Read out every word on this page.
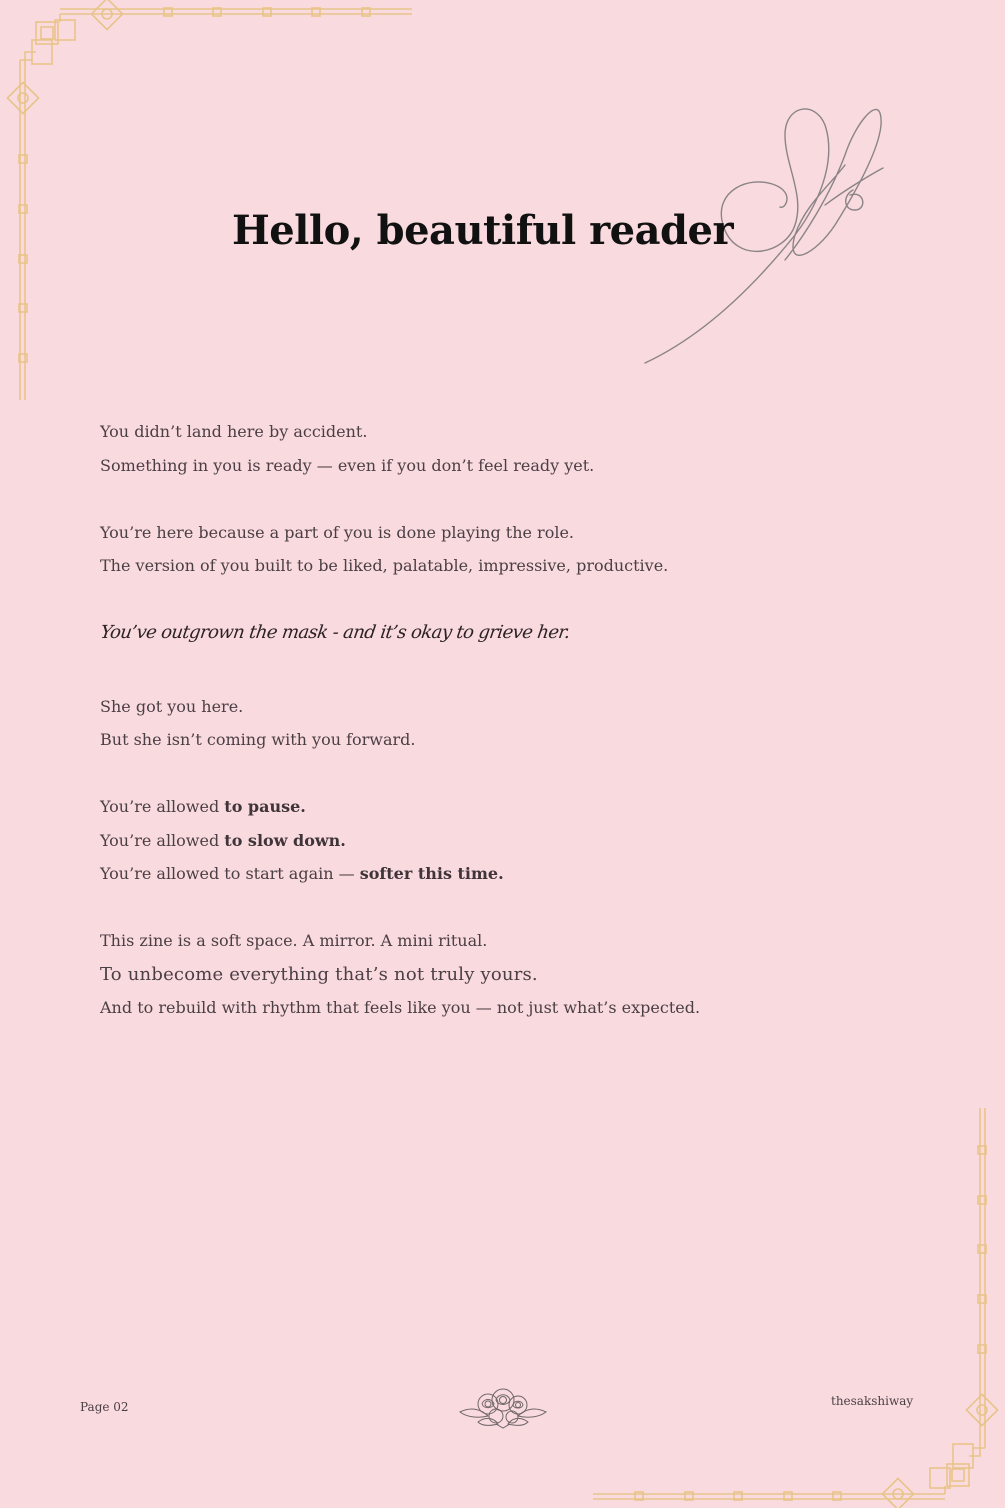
Hello, beautiful reader
You didn’t land here by accident.
Something in you is ready — even if you don’t feel ready yet.
You’re here because a part of you is done playing the role.
The version of you built to be liked, palatable, impressive, productive.
You’ve outgrown the mask - and it’s okay to grieve her.
She got you here.
But she isn’t coming with you forward.
You’re allowed to pause.
You’re allowed to slow down.
You’re allowed to start again — softer this time.
This zine is a soft space. A mirror. A mini ritual.
To unbecome everything that’s not truly yours.
And to rebuild with rhythm that feels like you — not just what’s expected.
Page 02	thesakshiway
